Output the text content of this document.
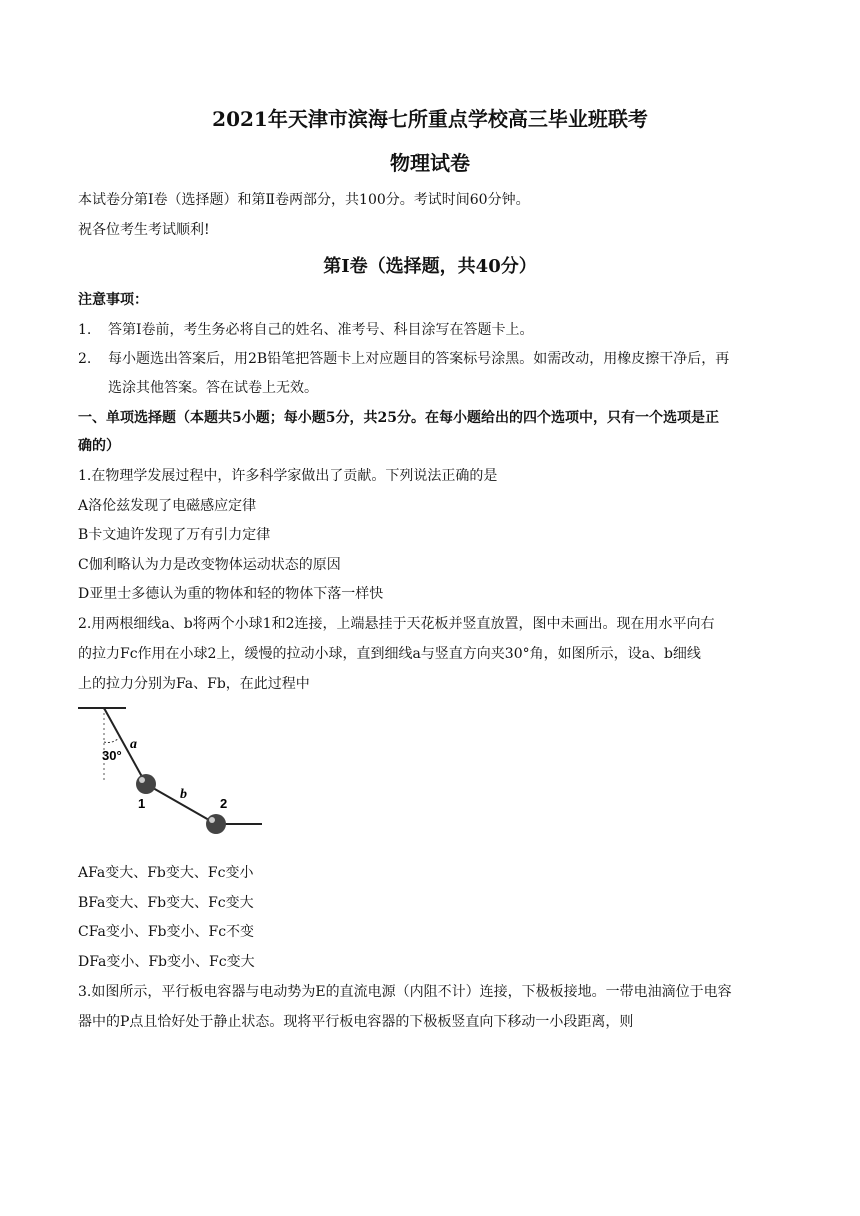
2021年天津市滨海七所重点学校高三毕业班联考
物理试卷
本试卷分第Ⅰ卷（选择题）和第Ⅱ卷两部分，共100分。考试时间60分钟。
祝各位考生考试顺利!
第Ⅰ卷（选择题，共40分）
注意事项：
1. 答第Ⅰ卷前，考生务必将自己的姓名、准考号、科目涂写在答题卡上。
2. 每小题选出答案后，用2B铅笔把答题卡上对应题目的答案标号涂黑。如需改动，用橡皮擦干净后，再
选涂其他答案。答在试卷上无效。
一、单项选择题（本题共5小题；每小题5分，共25分。在每小题给出的四个选项中，只有一个选项是正
确的）
1.在物理学发展过程中，许多科学家做出了贡献。下列说法正确的是
A洛伦兹发现了电磁感应定律
B卡文迪许发现了万有引力定律
C伽利略认为力是改变物体运动状态的原因
D亚里士多德认为重的物体和轻的物体下落一样快
2.用两根细线a、b将两个小球1和2连接，上端悬挂于天花板并竖直放置，图中未画出。现在用水平向右
的拉力Fc作用在小球2上，缓慢的拉动小球，直到细线a与竖直方向夹30°角，如图所示，设a、b细线
上的拉力分别为Fa、Fb，在此过程中
30°
a
b
1	2
AFa变大、Fb变大、Fc变小
BFa变大、Fb变大、Fc变大
CFa变小、Fb变小、Fc不变
DFa变小、Fb变小、Fc变大
3.如图所示，平行板电容器与电动势为E的直流电源（内阻不计）连接，下极板接地。一带电油滴位于电容
器中的P点且恰好处于静止状态。现将平行板电容器的下极板竖直向下移动一小段距离，则
